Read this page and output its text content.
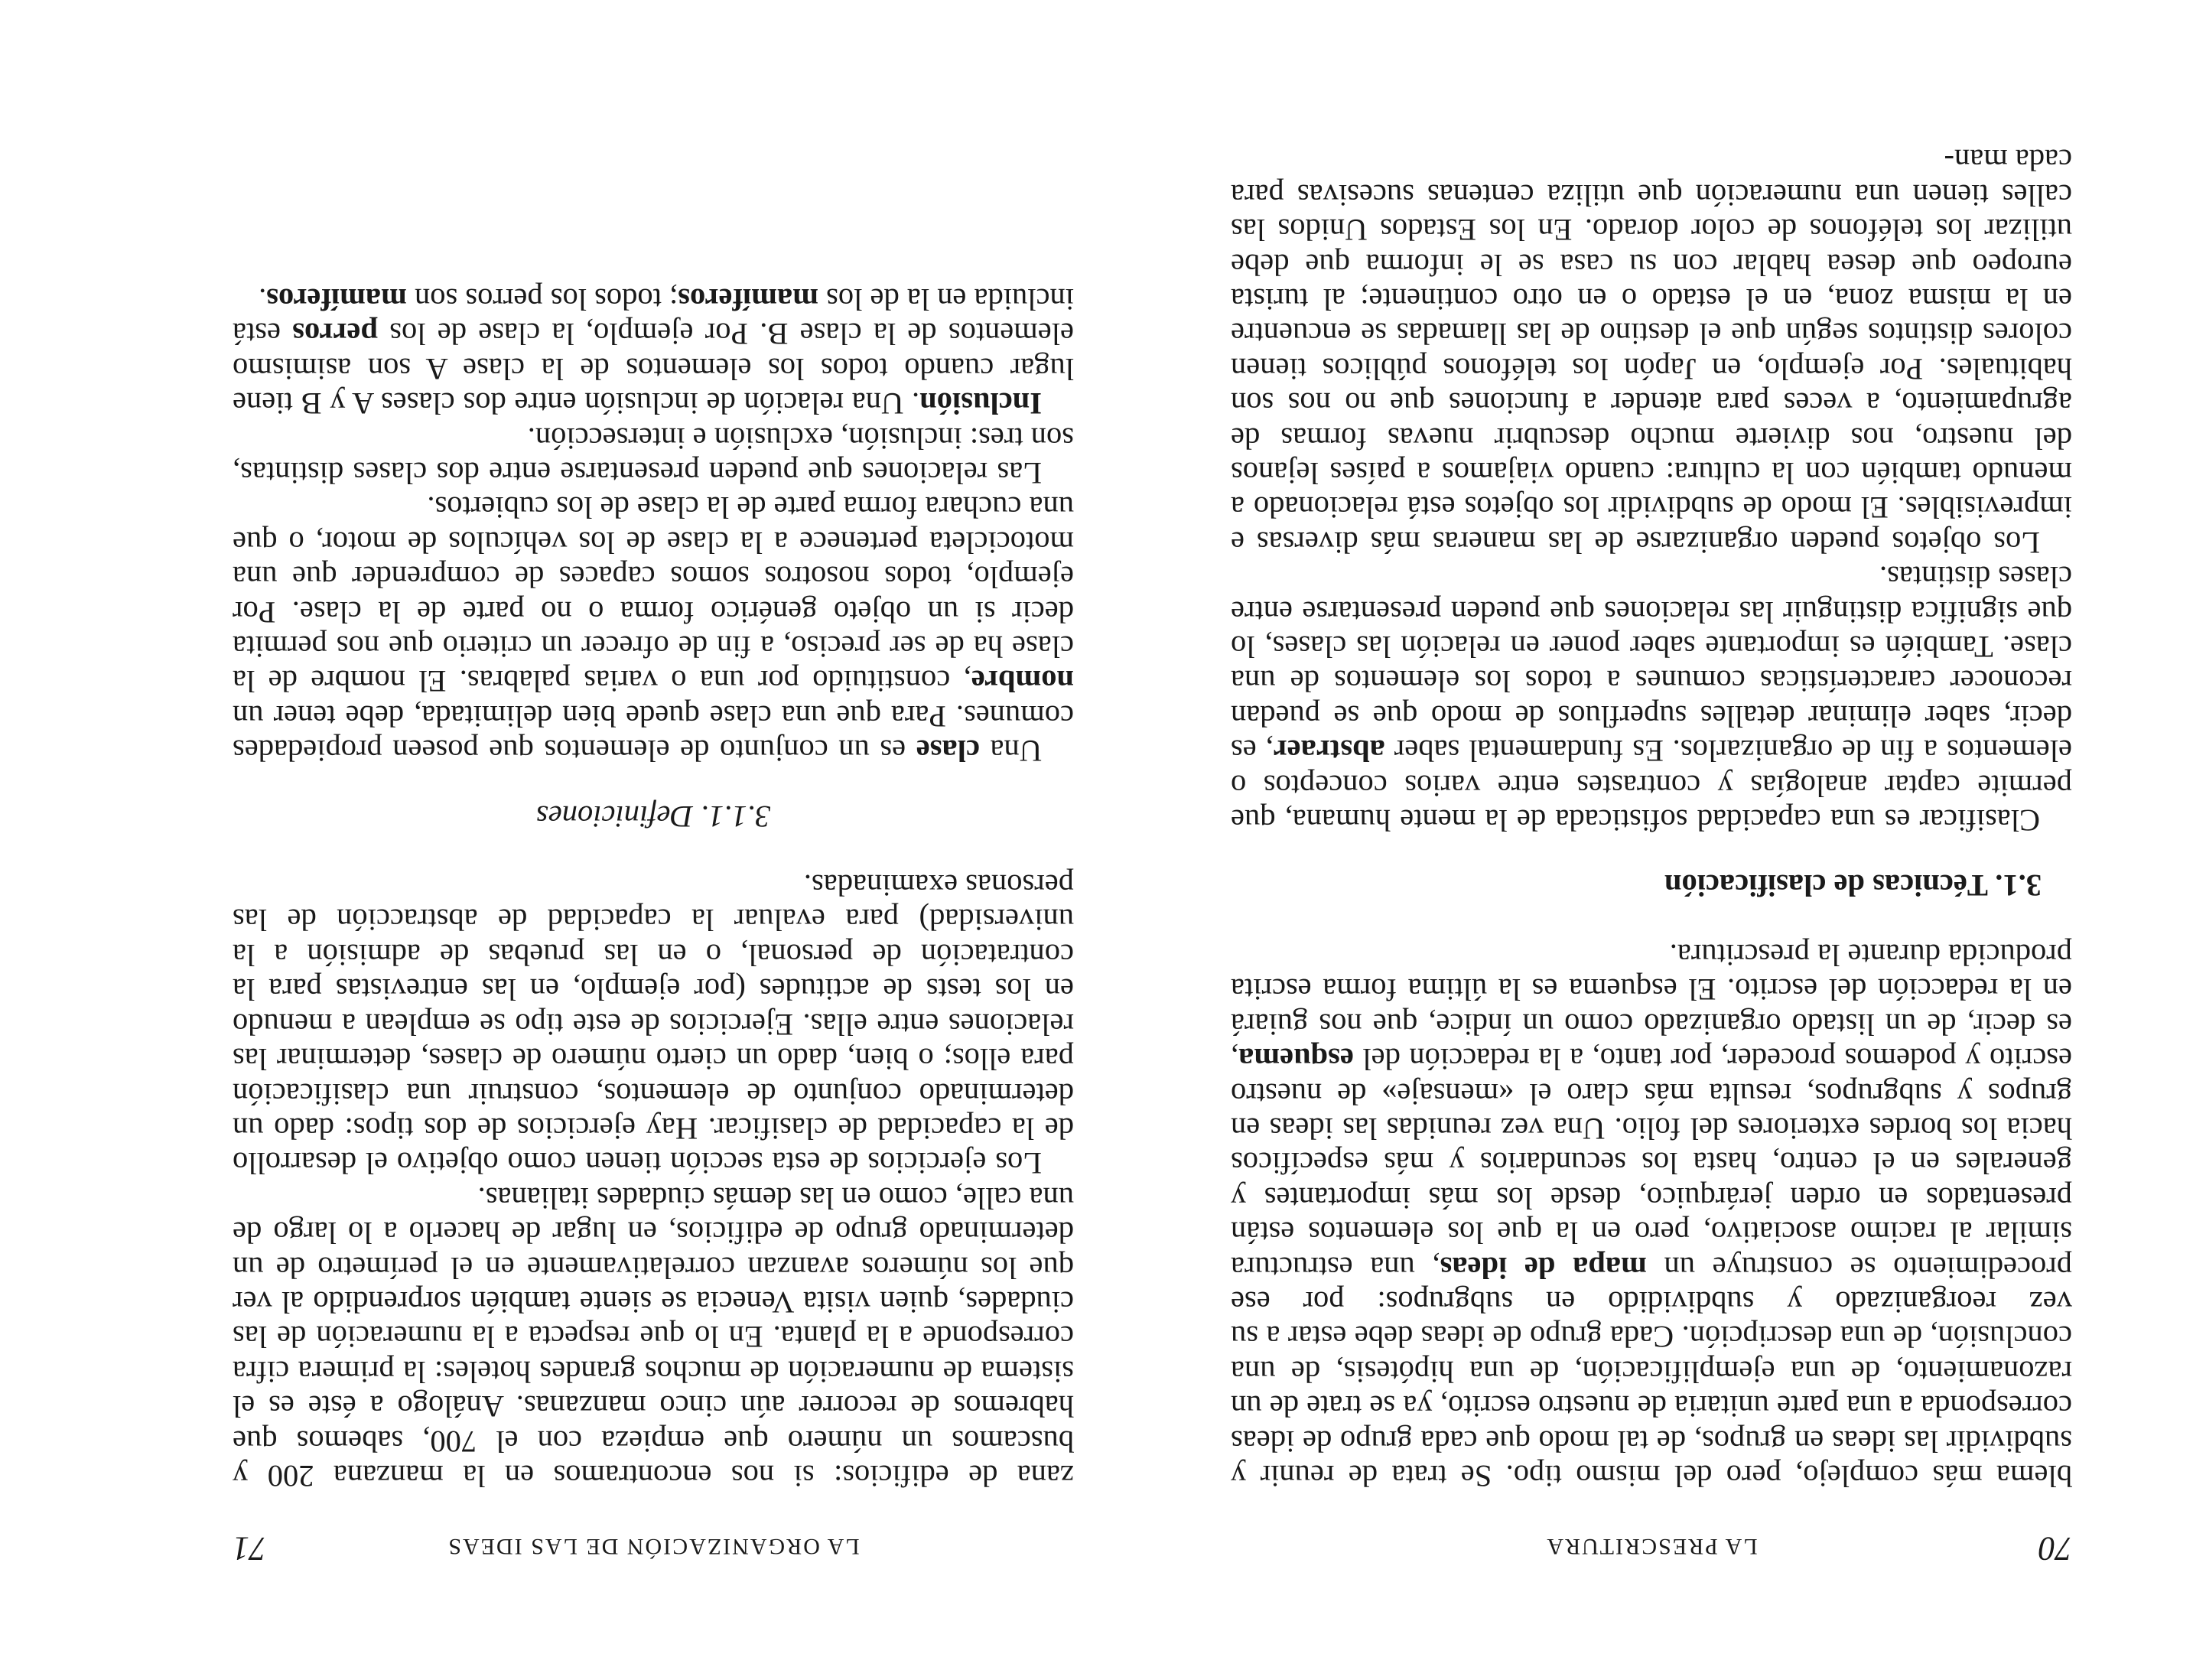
70
LA PRESCRITURA

blema más complejo, pero del mismo tipo. Se trata de reunir y subdividir las ideas en grupos, de tal modo que cada grupo de ideas corresponda a una parte unitaria de nuestro escrito, ya se trate de un razonamiento, de una ejemplificación, de una hipótesis, de una conclusión, de una descripción. Cada grupo de ideas debe estar a su vez reorganizado y subdividido en subgrupos: por ese procedimiento se construye un mapa de ideas, una estructura similar al racimo asociativo, pero en la que los elementos están presentados en orden jerárquico, desde los más importantes y generales en el centro, hasta los secundarios y más específicos hacia los bordes exteriores del folio. Una vez reunidas las ideas en grupos y subgrupos, resulta más claro el «mensaje» de nuestro escrito y podemos proceder, por tanto, a la redacción del esquema, es decir, de un listado organizado como un índice, que nos guiará en la redacción del escrito. El esquema es la última forma escrita producida durante la prescritura.

3.1. Técnicas de clasificación

Clasificar es una capacidad sofisticada de la mente humana, que permite captar analogías y contrastes entre varios conceptos o elementos a fin de organizarlos. Es fundamental saber abstraer, es decir, saber eliminar detalles superfluos de modo que se puedan reconocer características comunes a todos los elementos de una clase. También es importante saber poner en relación las clases, lo que significa distinguir las relaciones que pueden presentarse entre clases distintas.

Los objetos pueden organizarse de las maneras más diversas e imprevisibles. El modo de subdividir los objetos está relacionado a menudo también con la cultura: cuando viajamos a países lejanos del nuestro, nos divierte mucho descubrir nuevas formas de agrupamiento, a veces para atender a funciones que no nos son habituales. Por ejemplo, en Japón los teléfonos públicos tienen colores distintos según que el destino de las llamadas se encuentre en la misma zona, en el estado o en otro continente; al turista europeo que desea hablar con su casa se le informa que debe utilizar los teléfonos de color dorado. En los Estados Unidos las calles tienen una numeración que utiliza centenas sucesivas para cada man-

LA ORGANIZACIÓN DE LAS IDEAS
71

zana de edificios: si nos encontramos en la manzana 200 y buscamos un número que empieza con el 700, sabemos que habremos de recorrer aún cinco manzanas. Análogo a éste es el sistema de numeración de muchos grandes hoteles: la primera cifra corresponde a la planta. En lo que respecta a la numeración de las ciudades, quien visita Venecia se siente también sorprendido al ver que los números avanzan correlativamente en el perímetro de un determinado grupo de edificios, en lugar de hacerlo a lo largo de una calle, como en las demás ciudades italianas.

Los ejercicios de esta sección tienen como objetivo el desarrollo de la capacidad de clasificar. Hay ejercicios de dos tipos: dado un determinado conjunto de elementos, construir una clasificación para ellos; o bien, dado un cierto número de clases, determinar las relaciones entre ellas. Ejercicios de este tipo se emplean a menudo en los tests de actitudes (por ejemplo, en las entrevistas para la contratación de personal, o en las pruebas de admisión a la universidad) para evaluar la capacidad de abstracción de las personas examinadas.

3.1.1. Definiciones

Una clase es un conjunto de elementos que poseen propiedades comunes. Para que una clase quede bien delimitada, debe tener un nombre, constituido por una o varias palabras. El nombre de la clase ha de ser preciso, a fin de ofrecer un criterio que nos permita decir si un objeto genérico forma o no parte de la clase. Por ejemplo, todos nosotros somos capaces de comprender que una motocicleta pertenece a la clase de los vehículos de motor, o que una cuchara forma parte de la clase de los cubiertos.

Las relaciones que pueden presentarse entre dos clases distintas, son tres: inclusión, exclusión e intersección.

Inclusión. Una relación de inclusión entre dos clases A y B tiene lugar cuando todos los elementos de la clase A son asimismo elementos de la clase B. Por ejemplo, la clase de los perros está incluida en la de los mamíferos; todos los perros son mamíferos.
